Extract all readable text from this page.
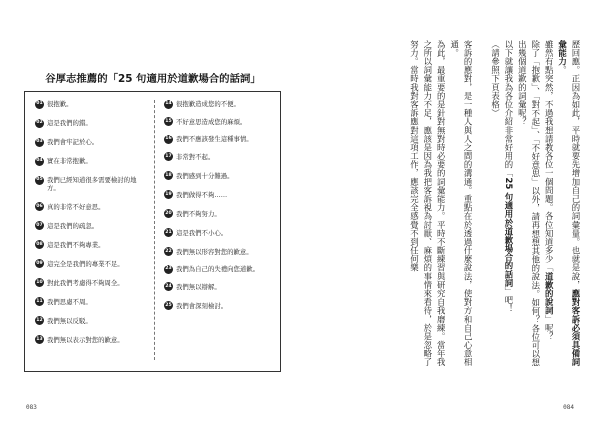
谷厚志推薦的「25 句適用於道歉場合的話詞」
01 很抱歉。
02 這是我們的錯。
03 我們會牢記於心。
04 實在非常抱歉。
05 我們已經知道很多需要檢討的地方。
06 真的非常不好意思。
07 這是我們的疏忽。
08 這是我們不夠專業。
09 這完全是我們的專業不足。
10 對此我們考慮得不夠周全。
11 我們思慮不周。
12 我們無以反駁。
13 我們無以表示對您的歉意。
14 很抱歉造成您的不便。
15 不好意思造成您的麻煩。
16 我們不應該發生這種事情。
17 非常對不起。
18 我們感到十分難過。
19 我們做得不夠……
20 我們不夠努力。
21 這是我們不小心。
22 我們無以形容對您的歉意。
23 我們為自己的失禮向您道歉。
24 我們無以辯解。
25 我們會深刻檢討。
083

歷回應。正因為如此，平時就要先增加自己的詞彙量。也就是說，應對客訴必須具備詞彙能力。

雖然有點突然，不過我想請教各位一個問題。各位知道多少「道歉的說詞」呢？

除了「抱歉」、「對不起」、「不好意思」以外，請再想想其他的說法。如何？各位可以想出幾個道歉的詞彙呢？

以下就讓我為各位介紹非常好用的「25 句適用於道歉場合的話詞」吧！

（請參照下頁表格）

客訴的應對，是一種人與人之間的溝通。重點在於透過什麼說法，使對方和自己心意相通。

為此，最重要的是針對無對時必要的詞彙能力。平時不斷練習與研究自我磨練。當年我之所以詞彙能力不足，應該是因為我把客訴視為討厭、麻煩的事情來看待，於是忽略了努力。當時我對客訴應對這項工作，應該完全感覺不到任何樂

084
